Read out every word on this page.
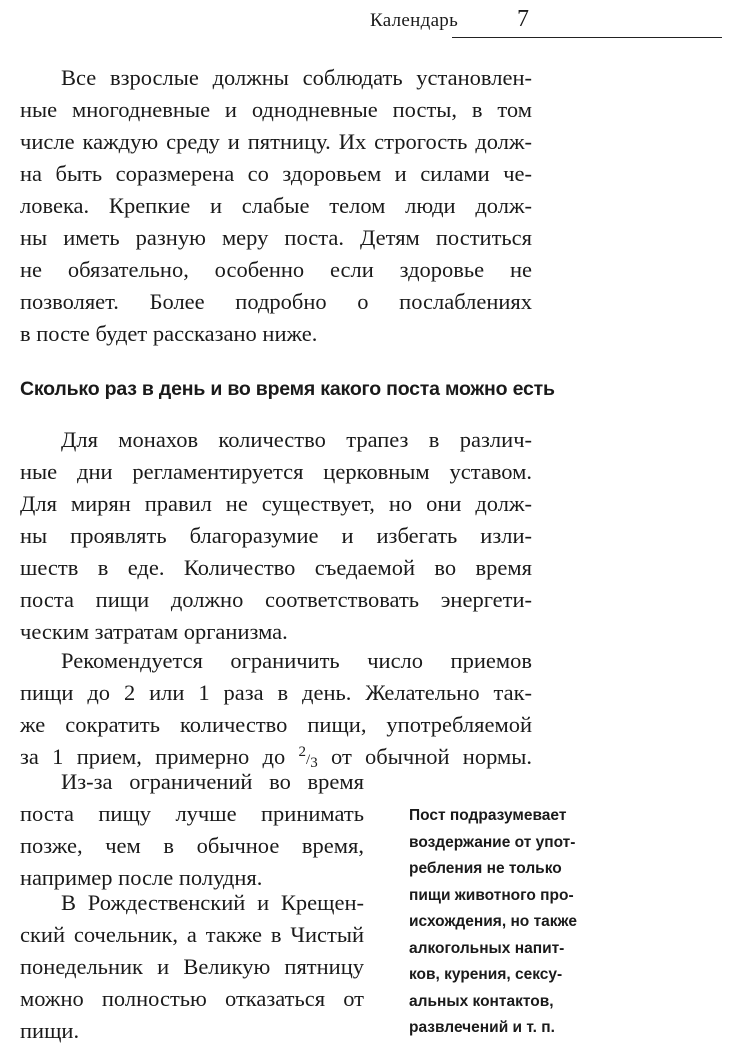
Календарь 7
Все взрослые должны соблюдать установлен-
ные многодневные и однодневные посты, в том
числе каждую среду и пятницу. Их строгость долж-
на быть соразмерена со здоровьем и силами че-
ловека. Крепкие и слабые телом люди долж-
ны иметь разную меру поста. Детям поститься
не обязательно, особенно если здоровье не
позволяет. Более подробно о послаблениях
в посте будет рассказано ниже.
Сколько раз в день и во время какого поста можно есть
Для монахов количество трапез в различ-
ные дни регламентируется церковным уставом.
Для мирян правил не существует, но они долж-
ны проявлять благоразумие и избегать изли-
шеств в еде. Количество съедаемой во время
поста пищи должно соответствовать энергети-
ческим затратам организма.
Рекомендуется ограничить число приемов
пищи до 2 или 1 раза в день. Желательно так-
же сократить количество пищи, употребляемой
за 1 прием, примерно до 2/3 от обычной нормы.
Из-за ограничений во время
поста пищу лучше принимать
позже, чем в обычное время,
например после полудня.
В Рождественский и Крещен-
ский сочельник, а также в Чистый
понедельник и Великую пятницу
можно полностью отказаться от
пищи.
Пост подразумевает
воздержание от упот-
ребления не только
пищи животного про-
исхождения, но также
алкогольных напит-
ков, курения, сексу-
альных контактов,
развлечений и т. п.
